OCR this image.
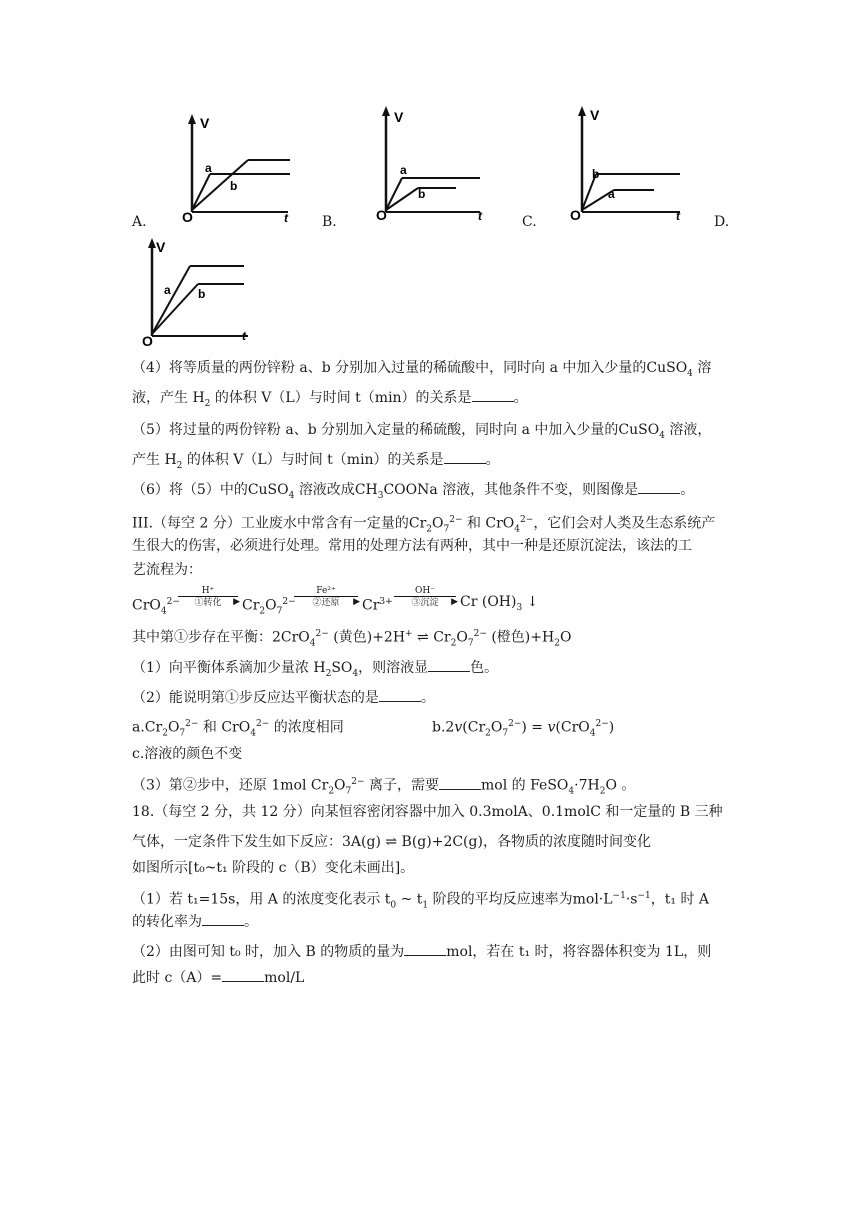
A.	B.	C.	D.
V
O	t
a
b
V
O	t
a
b
V
O	t
b
a
V
O	t
a b
（4）将等质量的两份锌粉 a、b 分别加入过量的稀硫酸中，同时向 a 中加入少量的CuSO$_4$ 溶
液，产生 $H_2$ 的体积 V（L）与时间 t（min）的关系是	。
（5）将过量的两份锌粉 a、b 分别加入定量的稀硫酸，同时向 a 中加入少量的CuSO$_4$ 溶液，
产生 $H_2$ 的体积 V（L）与时间 t（min）的关系是	。
（6）将（5）中的CuSO$_4$ 溶液改成$CH_3COONa$ 溶液，其他条件不变，则图像是	。
III.（每空 2 分）工业废水中常含有一定量的$Cr_2O_7^{2-}$ 和 CrO$_4^{2-}$，它们会对人类及生态系统产
生很大的伤害，必须进行处理。常用的处理方法有两种，其中一种是还原沉淀法，该法的工
艺流程为：
CrO$_4^{2-}$
H⁺
▶
①转化	$Cr_2O_7^{2-}$
Fe²⁺
▶
②还原	$Cr^{3+}$
OH⁻
▶
③沉淀	Cr $(OH)_3$ ↓
其中第①步存在平衡：2CrO$_4^{2-}$ (黄色)+2H+ ⇌ $Cr_2O_7^{2-}$ (橙色)$+H_2O$
（1）向平衡体系滴加少量浓 $H_2SO_4$，则溶液显	色。
（2）能说明第①步反应达平衡状态的是	。
$a.Cr_2O_7^{2-}$ 和 CrO$_4^{2-}$ 的浓度相同	$b.2v(Cr_2O_7^{2-}) = v(CrO_4^{2-})$
c.溶液的颜色不变
（3）第②步中，还原 1mol $Cr_2O_7^{2-}$ 离子，需要	mol 的 $FeSO_4\cdot 7H_2O$ 。
18.（每空 2 分，共 12 分）向某恒容密闭容器中加入 0.3molA、0.1molC 和一定量的 B 三种
气体，一定条件下发生如下反应：3A(g) ⇌ B(g)+2C(g)，各物质的浓度随时间变化
如图所示[t₀~t₁ 阶段的 c（B）变化未画出]。
（1）若 t₁=15s，用 A 的浓度变化表示 $t_0$ ~ $t_1$ 阶段的平均反应速率为$mol\cdot L^{-1}\cdot s^{-1}$，t₁ 时 A
的转化率为	。
（2）由图可知 t₀ 时，加入 B 的物质的量为	mol，若在 t₁ 时，将容器体积变为 1L，则
此时 c（A）=	mol/L
